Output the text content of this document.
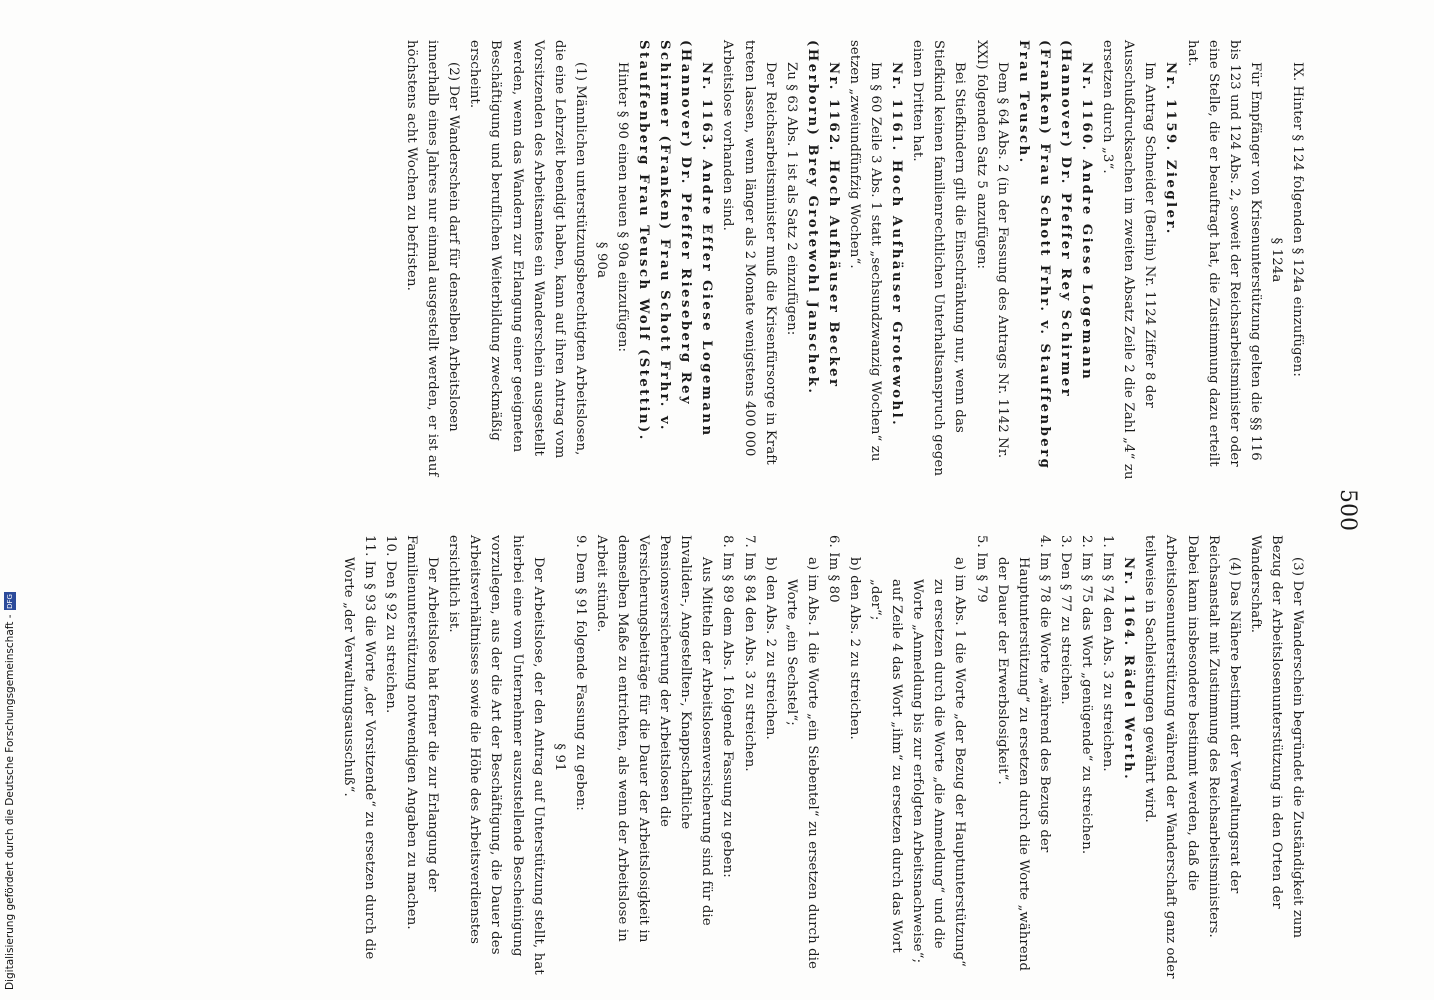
500

IX. Hinter § 124 folgenden § 124a einzufügen:

§ 124a

Für Empfänger von Krisenunterstützung gelten die §§ 116 bis 123 und 124 Abs. 2, soweit der Reichsarbeitsminister oder eine Stelle, die er beauftragt hat, die Zustimmung dazu erteilt hat.

Nr. 1159. Ziegler.

Im Antrag Schneider (Berlin) Nr. 1124 Ziffer 8 der Ausschußdrucksachen im zweiten Absatz Zeile 2 die Zahl „4“ zu ersetzen durch „3“.

Nr. 1160. Andre Giese Logemann (Hannover) Dr. Pfeffer Rey Schirmer (Franken) Frau Schott Frhr. v. Stauffenberg Frau Teusch.

Dem § 64 Abs. 2 (in der Fassung des Antrags Nr. 1142 Nr. XXI) folgenden Satz 5 anzufügen:

Bei Stiefkindern gilt die Einschränkung nur, wenn das Stiefkind keinen familienrechtlichen Unterhaltsanspruch gegen einen Dritten hat.

Nr. 1161. Hoch Aufhäuser Grotewohl.

Im § 60 Zeile 3 Abs. 1 statt „sechsundzwanzig Wochen“ zu setzen „zweiundfünfzig Wochen“.

Nr. 1162. Hoch Aufhäuser Becker (Herborn) Brey Grotewohl Janschek.

Zu § 63 Abs. 1 ist als Satz 2 einzufügen:

Der Reichsarbeitsminister muß die Krisenfürsorge in Kraft treten lassen, wenn länger als 2 Monate wenigstens 400 000 Arbeitslose vorhanden sind.

Nr. 1163. Andre Effer Giese Logemann (Hannover) Dr. Pfeffer Rieseberg Rey Schirmer (Franken) Frau Schott Frhr. v. Stauffenberg Frau Teusch Wolf (Stettin).

Hinter § 90 einen neuen § 90a einzufügen:

§ 90a

(1) Männlichen unterstützungsberechtigten Arbeitslosen, die eine Lehrzeit beendigt haben, kann auf ihren Antrag vom Vorsitzenden des Arbeitsamtes ein Wanderschein ausgestellt werden, wenn das Wandern zur Erlangung einer geeigneten Beschäftigung und beruflichen Weiterbildung zweckmäßig erscheint.

(2) Der Wanderschein darf für denselben Arbeitslosen innerhalb eines Jahres nur einmal ausgestellt werden, er ist auf höchstens acht Wochen zu befristen.

(3) Der Wanderschein begründet die Zuständigkeit zum Bezug der Arbeitslosenunterstützung in den Orten der Wanderschaft.

(4) Das Nähere bestimmt der Verwaltungsrat der Reichsanstalt mit Zustimmung des Reichsarbeitsministers. Dabei kann insbesondere bestimmt werden, daß die Arbeitslosenunterstützung während der Wanderschaft ganz oder teilweise in Sachleistungen gewährt wird.

Nr. 1164. Rädel Werth.

1. Im § 74 den Abs. 3 zu streichen.

2. Im § 75 das Wort „genügende“ zu streichen.

3. Den § 77 zu streichen.

4. Im § 78 die Worte „während des Bezugs der Hauptunterstützung“ zu ersetzen durch die Worte „während der Dauer der Erwerbslosigkeit“.

5. Im § 79

a) im Abs. 1 die Worte „der Bezug der Hauptunterstützung“ zu ersetzen durch die Worte „die Anmeldung“ und die Worte „Anmeldung bis zur erfolgten Arbeitsnachweise“; auf Zeile 4 das Wort „ihm“ zu ersetzen durch das Wort „der“;

b) den Abs. 2 zu streichen.

6. Im § 80

a) im Abs. 1 die Worte „ein Siebentel“ zu ersetzen durch die Worte „ein Sechstel“;

b) den Abs. 2 zu streichen.

7. Im § 84 den Abs. 3 zu streichen.

8. Im § 89 dem Abs. 1 folgende Fassung zu geben:

Aus Mitteln der Arbeitslosenversicherung sind für die Invaliden-, Angestellten-, Knappschaftliche Pensionsversicherung der Arbeitslosen die Versicherungsbeiträge für die Dauer der Arbeitslosigkeit in demselben Maße zu entrichten, als wenn der Arbeitslose in Arbeit stünde.

9. Dem § 91 folgende Fassung zu geben:

§ 91

Der Arbeitslose, der den Antrag auf Unterstützung stellt, hat hierbei eine vom Unternehmer auszustellende Bescheinigung vorzulegen, aus der die Art der Beschäftigung, die Dauer des Arbeitsverhältnisses sowie die Höhe des Arbeitsverdienstes ersichtlich ist.

Der Arbeitslose hat ferner die zur Erlangung der Familienunterstützung notwendigen Angaben zu machen.

10. Den § 92 zu streichen.

11. Im § 93 die Worte „der Vorsitzende“ zu ersetzen durch die Worte „der Verwaltungsausschuß“.

Digitalisierung gefördert durch die Deutsche Forschungsgemeinschaft -DFG
